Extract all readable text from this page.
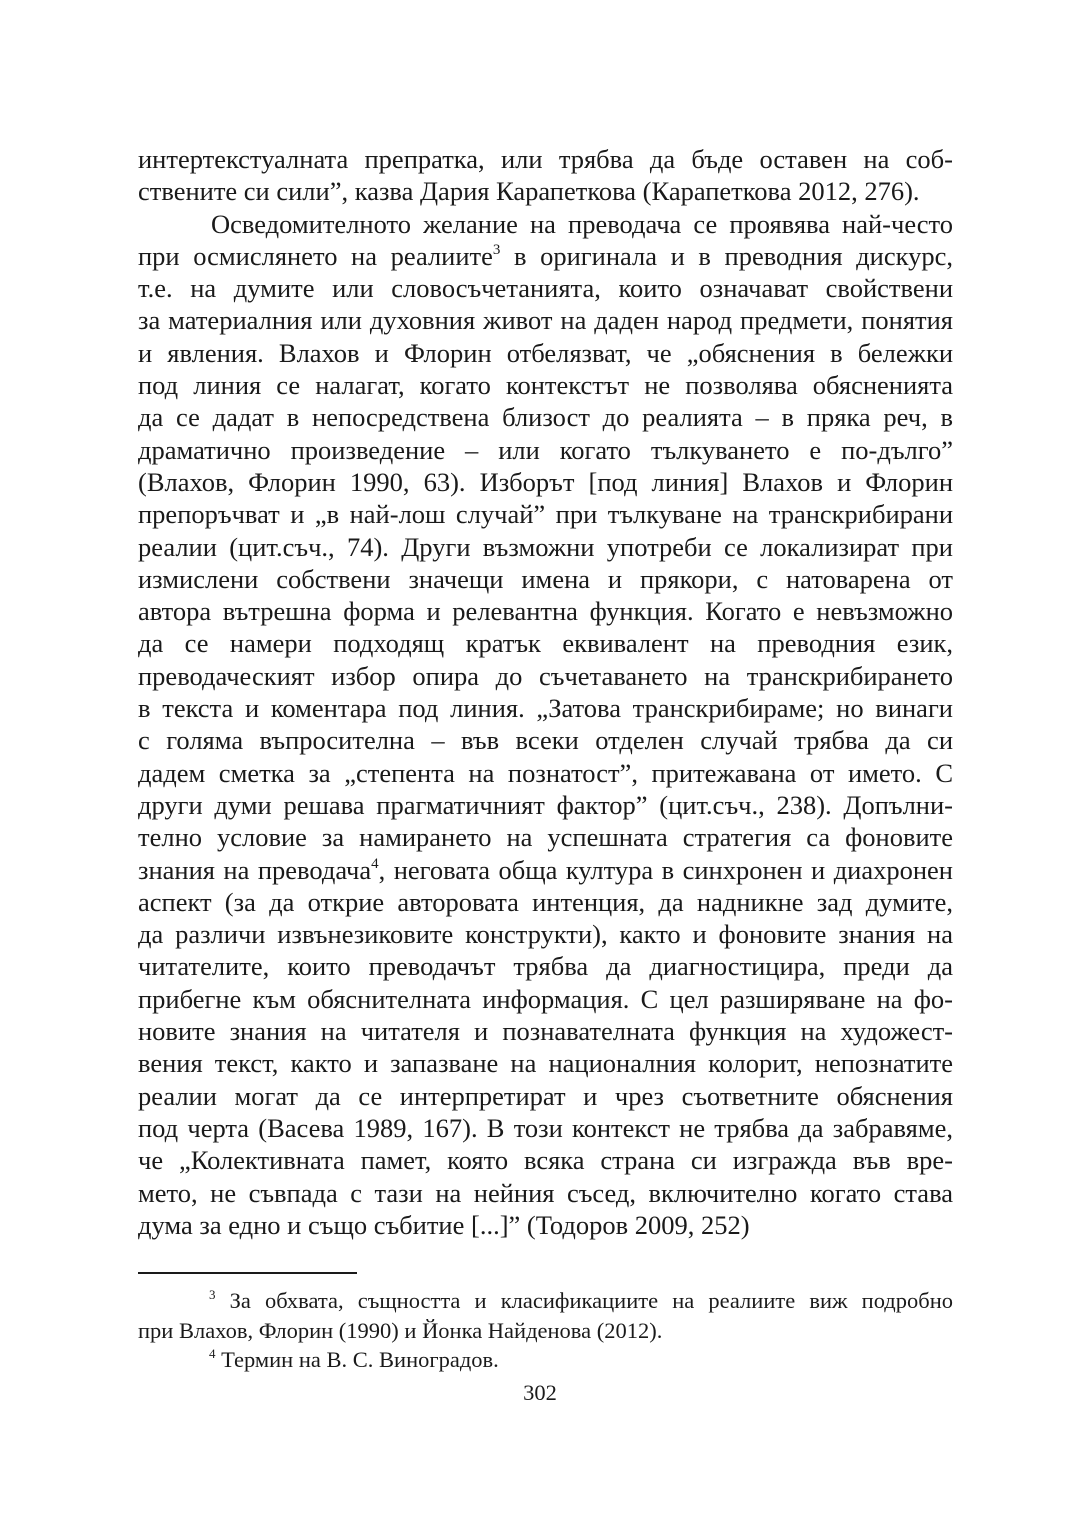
интертекстуалната препратка, или трябва да бъде оставен на соб-
ствените си сили”, казва Дария Карапеткова (Карапеткова 2012, 276).
Осведомителното желание на преводача се проявява най-често
при осмислянето на реалиите$^3$ в оригинала и в преводния дискурс,
т.е. на думите или словосъчетанията, които означават свойствени
за материалния или духовния живот на даден народ предмети, понятия
и явления. Влахов и Флорин отбелязват, че „обяснения в бележки
под линия се налагат, когато контекстът не позволява обясненията
да се дадат в непосредствена близост до реалията – в пряка реч, в
драматично произведение – или когато тълкуването е по-дълго”
(Влахов, Флорин 1990, 63). Изборът [под линия] Влахов и Флорин
препоръчват и „в най-лош случай” при тълкуване на транскрибирани
реалии (цит.съч., 74). Други възможни употреби се локализират при
измислени собствени значещи имена и прякори, с натоварена от
автора вътрешна форма и релевантна функция. Когато е невъзможно
да се намери подходящ кратък еквивалент на преводния език,
преводаческият избор опира до съчетаването на транскрибирането
в текста и коментара под линия. „Затова транскрибираме; но винаги
с голяма въпросителна – във всеки отделен случай трябва да си
дадем сметка за „степента на познатост”, притежавана от името. С
други думи решава прагматичният фактор” (цит.съч., 238). Допълни-
телно условие за намирането на успешната стратегия са фоновите
знания на преводача$^4$, неговата обща култура в синхронен и диахронен
аспект (за да открие авторовата интенция, да надникне зад думите,
да различи извънезиковите конструкти), както и фоновите знания на
читателите, които преводачът трябва да диагностицира, преди да
прибегне към обяснителната информация. С цел разширяване на фо-
новите знания на читателя и познавателната функция на художест-
вения текст, както и запазване на националния колорит, непознатите
реалии могат да се интерпретират и чрез съответните обяснения
под черта (Васева 1989, 167). В този контекст не трябва да забравяме,
че „Колективната памет, която всяка страна си изгражда във вре-
мето, не съвпада с тази на нейния съсед, включително когато става
дума за едно и също събитие [...]” (Тодоров 2009, 252)
$^3$ За обхвата, същността и класификациите на реалиите виж подробно
при Влахов, Флорин (1990) и Йонка Найденова (2012).
$^4$ Термин на В. С. Виноградов.
302
